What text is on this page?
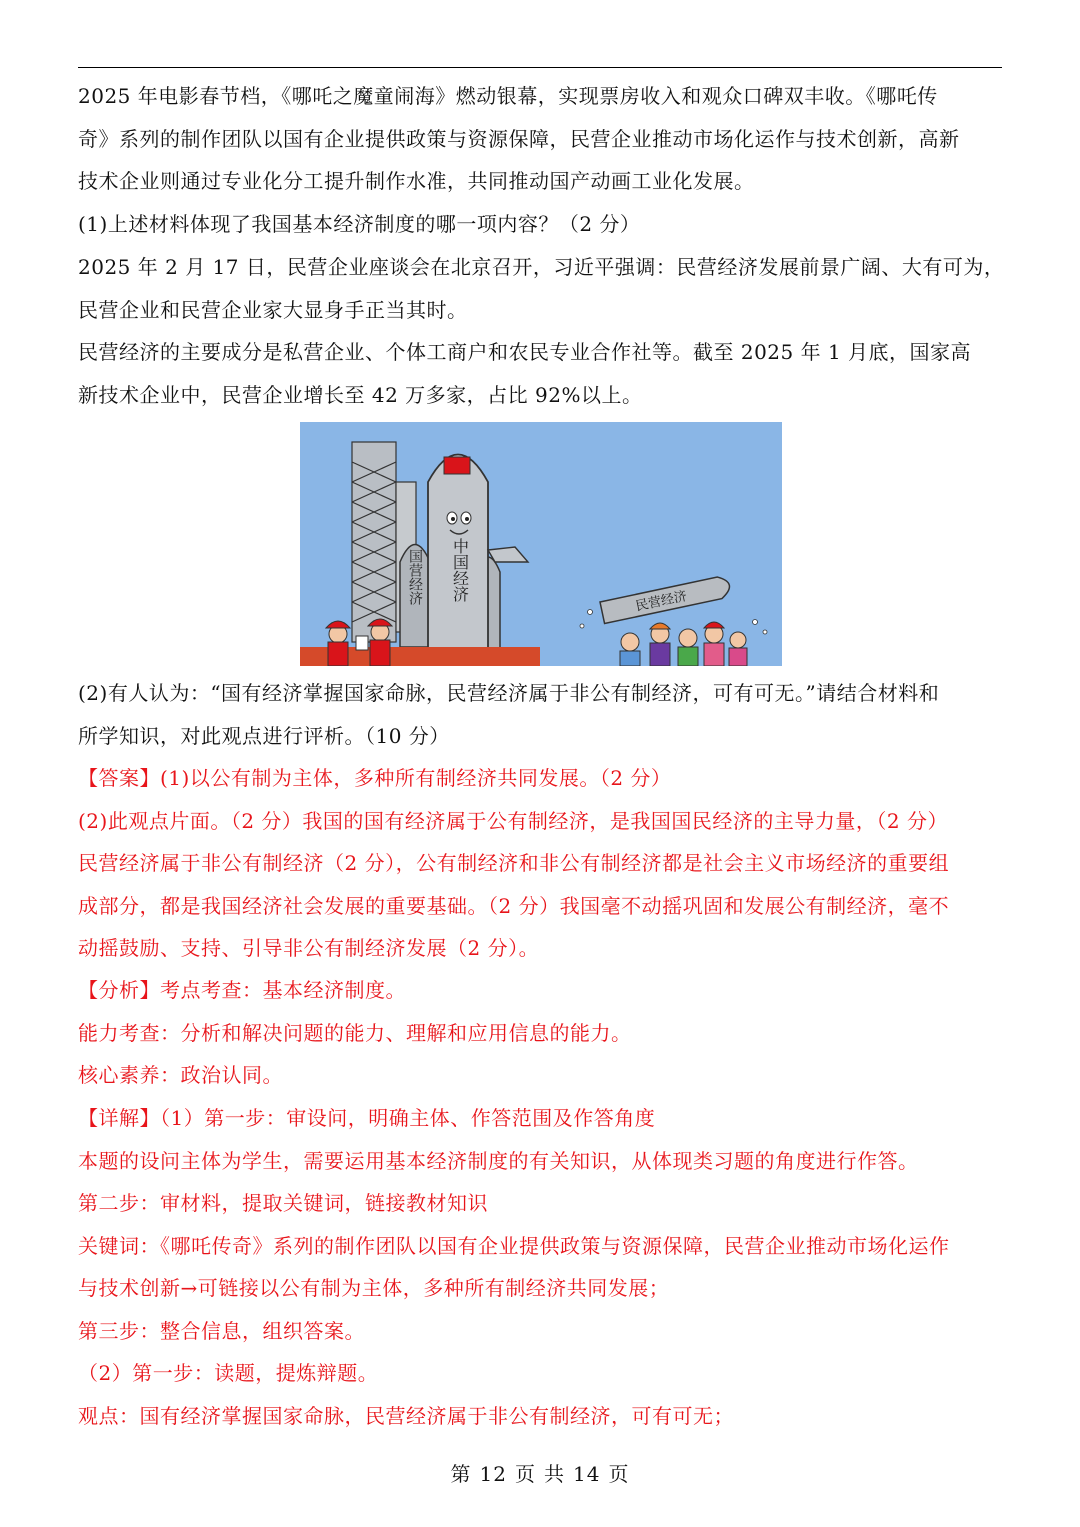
2025 年电影春节档，《哪吒之魔童闹海》燃动银幕，实现票房收入和观众口碑双丰收。《哪吒传
奇》系列的制作团队以国有企业提供政策与资源保障，民营企业推动市场化运作与技术创新，高新
技术企业则通过专业化分工提升制作水准，共同推动国产动画工业化发展。
(1)上述材料体现了我国基本经济制度的哪一项内容？（2 分）
2025 年 2 月 17 日，民营企业座谈会在北京召开，习近平强调：民营经济发展前景广阔、大有可为，
民营企业和民营企业家大显身手正当其时。
民营经济的主要成分是私营企业、个体工商户和农民专业合作社等。截至 2025 年 1 月底，国家高
新技术企业中，民营企业增长至 42 万多家，占比 92%以上。
中国经济
国营经济	民营经济
(2)有人认为：“国有经济掌握国家命脉，民营经济属于非公有制经济，可有可无。”请结合材料和
所学知识，对此观点进行评析。（10 分）
【答案】(1)以公有制为主体，多种所有制经济共同发展。（2 分）
(2)此观点片面。（2 分）我国的国有经济属于公有制经济，是我国国民经济的主导力量，（2 分）
民营经济属于非公有制经济（2 分），公有制经济和非公有制经济都是社会主义市场经济的重要组
成部分，都是我国经济社会发展的重要基础。（2 分）我国毫不动摇巩固和发展公有制经济，毫不
动摇鼓励、支持、引导非公有制经济发展（2 分）。
【分析】考点考查：基本经济制度。
能力考查：分析和解决问题的能力、理解和应用信息的能力。
核心素养：政治认同。
【详解】（1）第一步：审设问，明确主体、作答范围及作答角度
本题的设问主体为学生，需要运用基本经济制度的有关知识，从体现类习题的角度进行作答。
第二步：审材料，提取关键词，链接教材知识
关键词：《哪吒传奇》系列的制作团队以国有企业提供政策与资源保障，民营企业推动市场化运作
与技术创新→可链接以公有制为主体，多种所有制经济共同发展；
第三步：整合信息，组织答案。
（2）第一步：读题，提炼辩题。
观点：国有经济掌握国家命脉，民营经济属于非公有制经济，可有可无；
第 12 页 共 14 页
